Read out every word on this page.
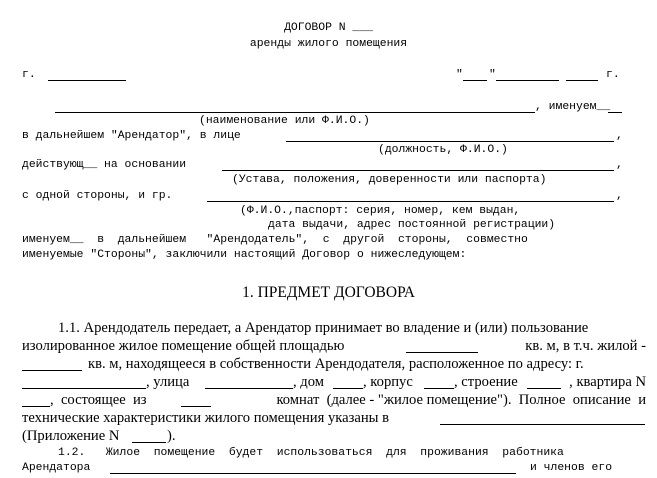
ДОГОВОР N ___
аренды жилого помещения
г.	" "	г.
, именуем__
(наименование или Ф.И.О.)
в дальнейшем "Арендатор", в лице	,
(должность, Ф.И.О.)
действующ__ на основании	,
(Устава, положения, доверенности или паспорта)
с одной стороны, и гр.	,
(Ф.И.О.,паспорт: серия, номер, кем выдан,
дата выдачи, адрес постоянной регистрации)
именуем__  в  дальнейшем   "Арендодатель",  с  другой  стороны,  совместно
именуемые "Стороны", заключили настоящий Договор о нижеследующем:
1. ПРЕДМЕТ ДОГОВОРА
1.1. Арендодатель передает, а Арендатор принимает во владение и (или) пользование
изолированное жилое помещение общей площадью	кв. м, в т.ч. жилой -
кв. м, находящееся в собственности Арендодателя, расположенное по адресу: г.
, улица	, дом	, корпус	, строение	, квартира N
,  состоящее  из	комнат  (далее - "жилое помещение").  Полное  описание  и
технические характеристики жилого помещения указаны в
(Приложение N	).
1.2.   Жилое  помещение  будет  использоваться  для  проживания  работника
Арендатора	и членов его
